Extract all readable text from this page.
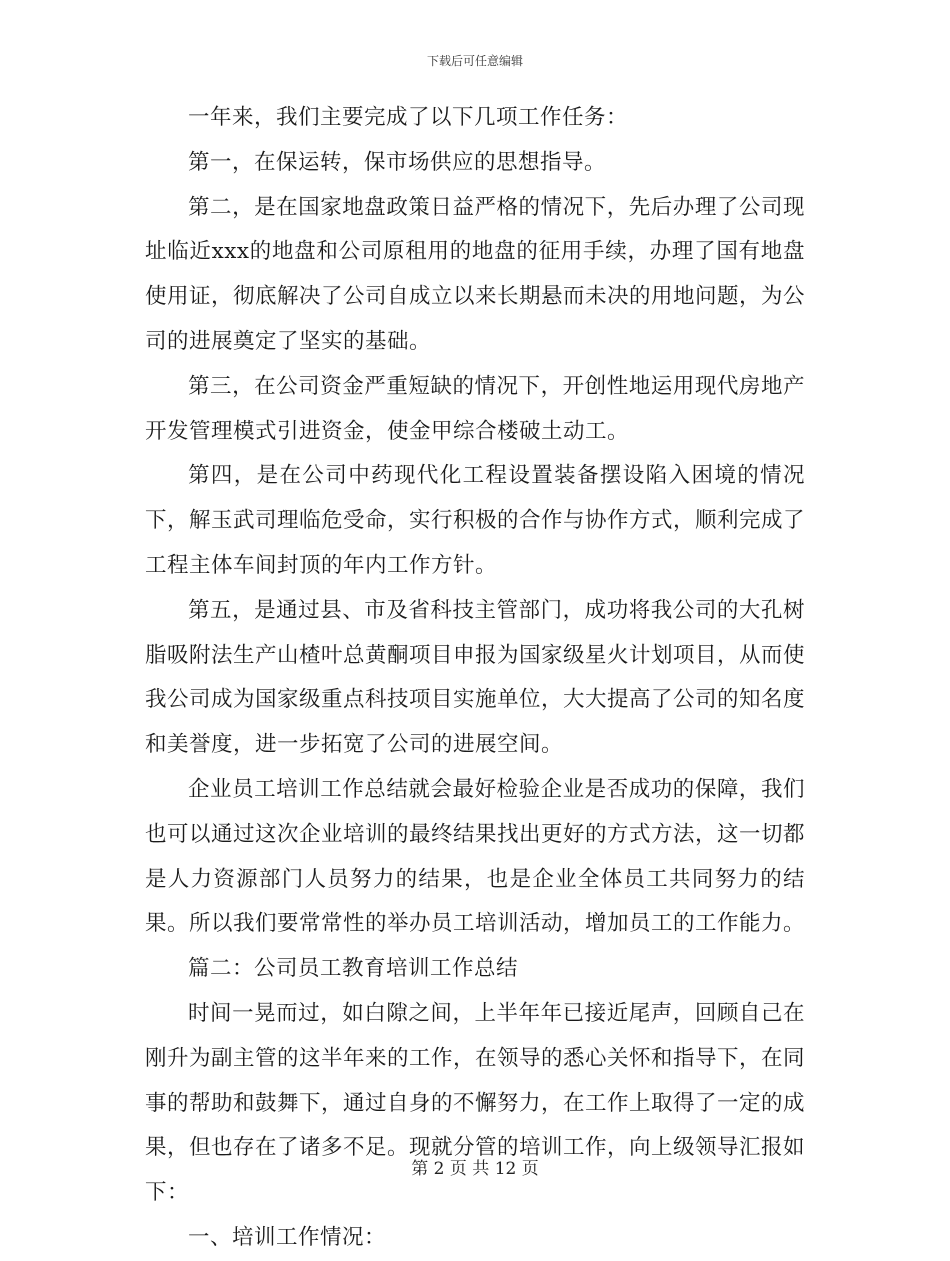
下载后可任意编辑

一年来，我们主要完成了以下几项工作任务：

第一，在保运转，保市场供应的思想指导。

第二，是在国家地盘政策日益严格的情况下，先后办理了公司现址临近xxx的地盘和公司原租用的地盘的征用手续，办理了国有地盘使用证，彻底解决了公司自成立以来长期悬而未决的用地问题，为公司的进展奠定了坚实的基础。

第三，在公司资金严重短缺的情况下，开创性地运用现代房地产开发管理模式引进资金，使金甲综合楼破土动工。

第四，是在公司中药现代化工程设置装备摆设陷入困境的情况下，解玉武司理临危受命，实行积极的合作与协作方式，顺利完成了工程主体车间封顶的年内工作方针。

第五，是通过县、市及省科技主管部门，成功将我公司的大孔树脂吸附法生产山楂叶总黄酮项目申报为国家级星火计划项目，从而使我公司成为国家级重点科技项目实施单位，大大提高了公司的知名度和美誉度，进一步拓宽了公司的进展空间。

企业员工培训工作总结就会最好检验企业是否成功的保障，我们也可以通过这次企业培训的最终结果找出更好的方式方法，这一切都是人力资源部门人员努力的结果，也是企业全体员工共同努力的结果。所以我们要常常性的举办员工培训活动，增加员工的工作能力。

篇二：公司员工教育培训工作总结

时间一晃而过，如白隙之间，上半年年已接近尾声，回顾自己在刚升为副主管的这半年来的工作，在领导的悉心关怀和指导下，在同事的帮助和鼓舞下，通过自身的不懈努力，在工作上取得了一定的成果，但也存在了诸多不足。现就分管的培训工作，向上级领导汇报如下：

一、培训工作情况：

第 2 页 共 12 页
